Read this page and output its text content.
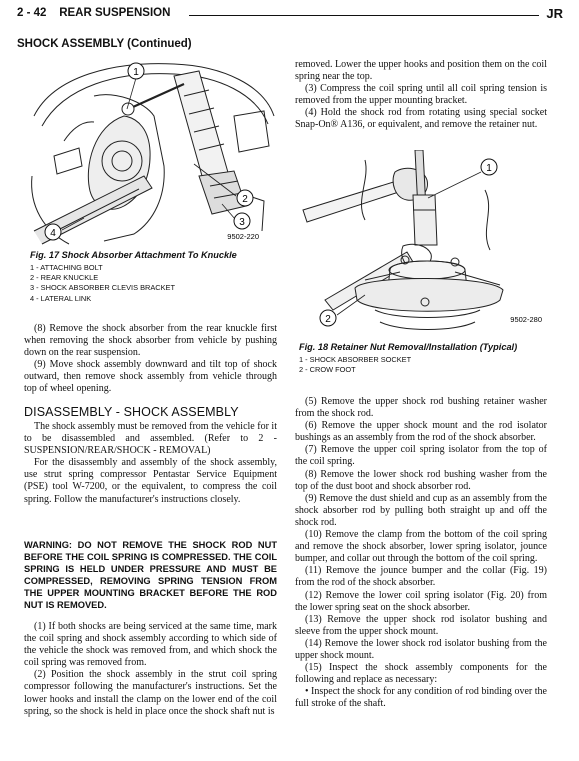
2 - 42 REAR SUSPENSION	JR
SHOCK ASSEMBLY (Continued)
1
2
3
4	9502-220
Fig. 17 Shock Absorber Attachment To Knuckle
1 - ATTACHING BOLT
2 - REAR KNUCKLE
3 - SHOCK ABSORBER CLEVIS BRACKET
4 - LATERAL LINK

(8) Remove the shock absorber from the rear knuckle first when removing the shock absorber from vehicle by pushing down on the rear suspension.

(9) Move shock assembly downward and tilt top of shock outward, then remove shock assembly from vehicle through top of wheel opening.

DISASSEMBLY - SHOCK ASSEMBLY

The shock assembly must be removed from the vehicle for it to be disassembled and assembled. (Refer to 2 - SUSPENSION/REAR/SHOCK - REMOVAL)

For the disassembly and assembly of the shock assembly, use strut spring compressor Pentastar Service Equipment (PSE) tool W-7200, or the equivalent, to compress the coil spring. Follow the manufacturer's instructions closely.

WARNING: DO NOT REMOVE THE SHOCK ROD NUT BEFORE THE COIL SPRING IS COMPRESSED. THE COIL SPRING IS HELD UNDER PRESSURE AND MUST BE COMPRESSED, REMOVING SPRING TENSION FROM THE UPPER MOUNTING BRACKET BEFORE THE ROD NUT IS REMOVED.

(1) If both shocks are being serviced at the same time, mark the coil spring and shock assembly according to which side of the vehicle the shock was removed from, and which shock the coil spring was removed from.

(2) Position the shock assembly in the strut coil spring compressor following the manufacturer's instructions. Set the lower hooks and install the clamp on the lower end of the coil spring, so the shock is held in place once the shock shaft nut is

removed. Lower the upper hooks and position them on the coil spring near the top.

(3) Compress the coil spring until all coil spring tension is removed from the upper mounting bracket.

(4) Hold the shock rod from rotating using special socket Snap-On® A136, or equivalent, and remove the retainer nut.

1
2	9502-280
Fig. 18 Retainer Nut Removal/Installation (Typical)
1 - SHOCK ABSORBER SOCKET
2 - CROW FOOT

(5) Remove the upper shock rod bushing retainer washer from the shock rod.

(6) Remove the upper shock mount and the rod isolator bushings as an assembly from the rod of the shock absorber.

(7) Remove the upper coil spring isolator from the top of the coil spring.

(8) Remove the lower shock rod bushing washer from the top of the dust boot and shock absorber rod.

(9) Remove the dust shield and cup as an assembly from the shock absorber rod by pulling both straight up and off the shock rod.

(10) Remove the clamp from the bottom of the coil spring and remove the shock absorber, lower spring isolator, jounce bumper, and collar out through the bottom of the coil spring.

(11) Remove the jounce bumper and the collar (Fig. 19) from the rod of the shock absorber.

(12) Remove the lower coil spring isolator (Fig. 20) from the lower spring seat on the shock absorber.

(13) Remove the upper shock rod isolator bushing and sleeve from the upper shock mount.

(14) Remove the lower shock rod isolator bushing from the upper shock mount.

(15) Inspect the shock assembly components for the following and replace as necessary:

• Inspect the shock for any condition of rod binding over the full stroke of the shaft.
